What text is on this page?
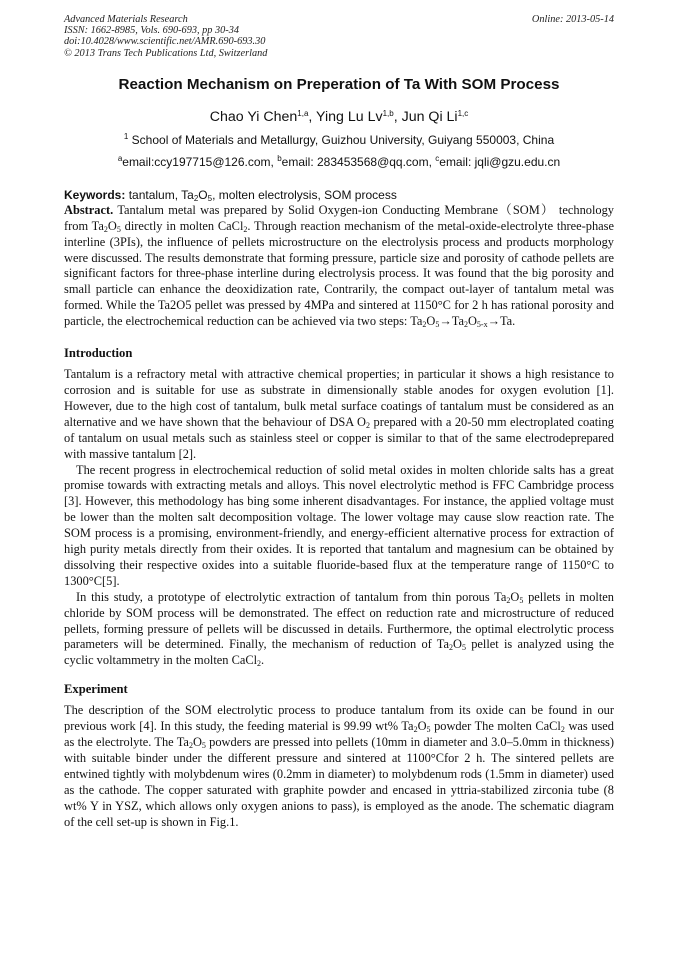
Advanced Materials Research
ISSN: 1662-8985, Vols. 690-693, pp 30-34
doi:10.4028/www.scientific.net/AMR.690-693.30
© 2013 Trans Tech Publications Ltd, Switzerland
Online: 2013-05-14
Reaction Mechanism on Preperation of Ta With SOM Process
Chao Yi Chen$^{1,a}$, Ying Lu Lv$^{1,b}$, Jun Qi Li$^{1,c}$
$^1$ School of Materials and Metallurgy, Guizhou University, Guiyang 550003, China
$^a$email:ccy197715@126.com, $^b$email: 283453568@qq.com, $^c$email: jqli@gzu.edu.cn
Keywords: tantalum, $Ta_2O_5$, molten electrolysis, SOM process

Abstract. Tantalum metal was prepared by Solid Oxygen-ion Conducting Membrane（SOM） technology from $Ta_2O_5$ directly in molten CaCl$_2$. Through reaction mechanism of the metal-oxide-electrolyte three-phase interline (3PIs), the influence of pellets microstructure on the electrolysis process and products morphology were discussed. The results demonstrate that forming pressure, particle size and porosity of cathode pellets are significant factors for three-phase interline during electrolysis process. It was found that the big porosity and small particle can enhance the deoxidization rate, Contrarily, the compact out-layer of tantalum metal was formed. While the Ta2O5 pellet was pressed by 4MPa and sintered at 1150°C for 2 h has rational porosity and particle, the electrochemical reduction can be achieved via two steps: $Ta_2O_5\to Ta_2O_{5-x}\to Ta$.

Introduction

Tantalum is a refractory metal with attractive chemical properties; in particular it shows a high resistance to corrosion and is suitable for use as substrate in dimensionally stable anodes for oxygen evolution [1]. However, due to the high cost of tantalum, bulk metal surface coatings of tantalum must be considered as an alternative and we have shown that the behaviour of DSA $O_2$ prepared with a 20-50 mm electroplated coating of tantalum on usual metals such as stainless steel or copper is similar to that of the same electrodeprepared with massive tantalum [2].

The recent progress in electrochemical reduction of solid metal oxides in molten chloride salts has a great promise towards with extracting metals and alloys. This novel electrolytic method is FFC Cambridge process [3]. However, this methodology has bing some inherent disadvantages. For instance, the applied voltage must be lower than the molten salt decomposition voltage. The lower voltage may cause slow reaction rate. The SOM process is a promising, environment-friendly, and energy-efficient alternative process for extraction of high purity metals directly from their oxides. It is reported that tantalum and magnesium can be obtained by dissolving their respective oxides into a suitable fluoride-based flux at the temperature range of 1150°C to 1300°C[5].

In this study, a prototype of electrolytic extraction of tantalum from thin porous $Ta_2O_5$ pellets in molten chloride by SOM process will be demonstrated. The effect on reduction rate and microstructure of reduced pellets, forming pressure of pellets will be discussed in details. Furthermore, the optimal electrolytic process parameters will be determined. Finally, the mechanism of reduction of $Ta_2O_5$ pellet is analyzed using the cyclic voltammetry in the molten CaCl$_2$.

Experiment

The description of the SOM electrolytic process to produce tantalum from its oxide can be found in our previous work [4]. In this study, the feeding material is 99.99 wt% $Ta_2O_5$ powder The molten CaCl$_2$ was used as the electrolyte. The $Ta_2O_5$ powders are pressed into pellets (10mm in diameter and 3.0–5.0mm in thickness) with suitable binder under the different pressure and sintered at 1100°Cfor 2 h. The sintered pellets are entwined tightly with molybdenum wires (0.2mm in diameter) to molybdenum rods (1.5mm in diameter) used as the cathode. The copper saturated with graphite powder and encased in yttria-stabilized zirconia tube (8 wt% Y in YSZ, which allows only oxygen anions to pass), is employed as the anode. The schematic diagram of the cell set-up is shown in Fig.1.
